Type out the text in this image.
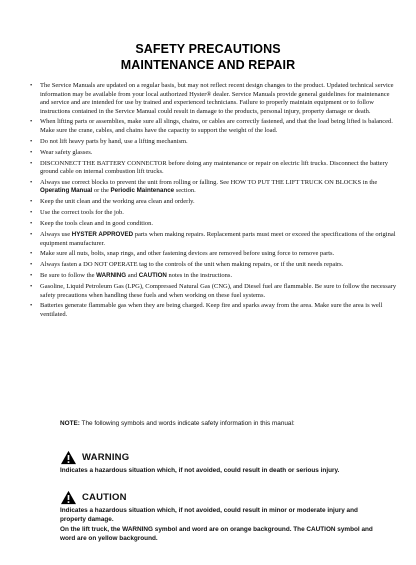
SAFETY PRECAUTIONS
MAINTENANCE AND REPAIR
• The Service Manuals are updated on a regular basis, but may not reflect recent design changes to the product. Updated technical service information may be available from your local authorized Hyster® dealer. Service Manuals provide general guidelines for maintenance and service and are intended for use by trained and experienced technicians. Failure to properly maintain equipment or to follow instructions contained in the Service Manual could result in damage to the products, personal injury, property damage or death.
• When lifting parts or assemblies, make sure all slings, chains, or cables are correctly fastened, and that the load being lifted is balanced. Make sure the crane, cables, and chains have the capacity to support the weight of the load.
• Do not lift heavy parts by hand, use a lifting mechanism.
• Wear safety glasses.
• DISCONNECT THE BATTERY CONNECTOR before doing any maintenance or repair on electric lift trucks. Disconnect the battery ground cable on internal combustion lift trucks.
• Always use correct blocks to prevent the unit from rolling or falling. See HOW TO PUT THE LIFT TRUCK ON BLOCKS in the Operating Manual or the Periodic Maintenance section.
• Keep the unit clean and the working area clean and orderly.
• Use the correct tools for the job.
• Keep the tools clean and in good condition.
• Always use HYSTER APPROVED parts when making repairs. Replacement parts must meet or exceed the specifications of the original equipment manufacturer.
• Make sure all nuts, bolts, snap rings, and other fastening devices are removed before using force to remove parts.
• Always fasten a DO NOT OPERATE tag to the controls of the unit when making repairs, or if the unit needs repairs.
• Be sure to follow the WARNING and CAUTION notes in the instructions.
• Gasoline, Liquid Petroleum Gas (LPG), Compressed Natural Gas (CNG), and Diesel fuel are flammable. Be sure to follow the necessary safety precautions when handling these fuels and when working on these fuel systems.
• Batteries generate flammable gas when they are being charged. Keep fire and sparks away from the area. Make sure the area is well ventilated.
NOTE: The following symbols and words indicate safety information in this manual:
WARNING
Indicates a hazardous situation which, if not avoided, could result in death or serious injury.
CAUTION
Indicates a hazardous situation which, if not avoided, could result in minor or moderate injury and property damage.
On the lift truck, the WARNING symbol and word are on orange background. The CAUTION symbol and word are on yellow background.
